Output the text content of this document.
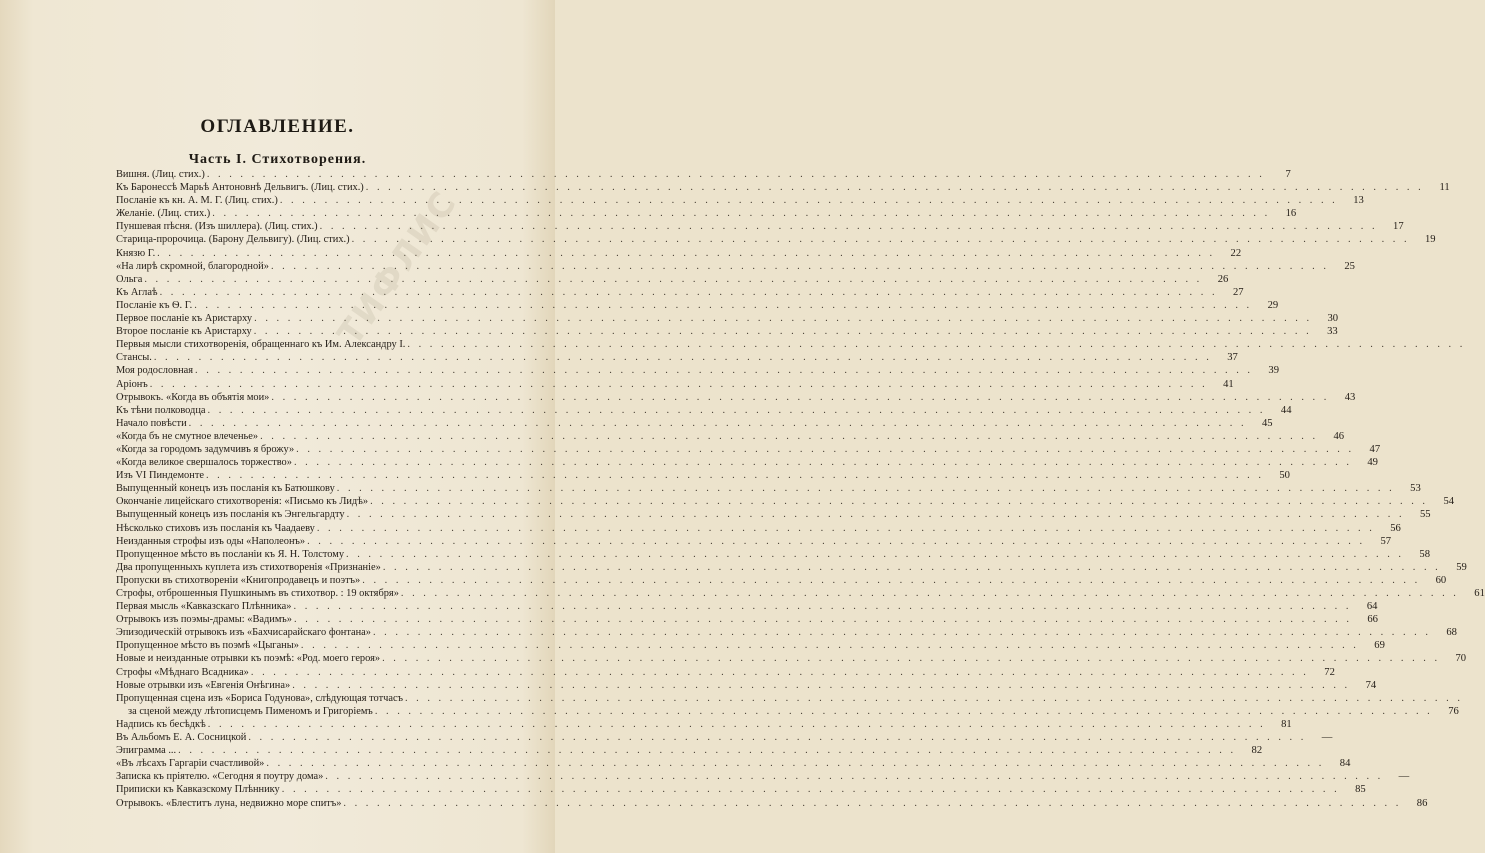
ОГЛАВЛЕНИЕ.
Часть I. Стихотворения.
Вишня. (Лиц. стих.) . . .	7
Къ Баронессѣ Марьѣ Антоновнѣ Дельвигъ. (Лиц. стих.) . . .	11
Посланіе къ кн. А. М. Г. (Лиц. стих.) . . .	13
Желаніе. (Лиц. стих.) . . .	16
Пуншевая пѣсня. (Изъ шиллера). (Лиц. стих.) . . .	17
Старица-пророчица. (Барону Дельвигу). (Лиц. стих.) . . .	19
Князю Г. . . .	22
«На лирѣ скромной, благородной» . . .	25
Ольга . . .	26
Къ Аглаѣ . . .	27
Посланіе къ Ѳ. Г. . . .	29
Первое посланіе къ Аристарху . . .	30
Второе посланіе къ Аристарху . . .	33
Первыя мысли стихотворенія, обращеннаго къ Им. Александру I.
. . .
Стансы. . . .	37
Моя родословная . . .	39
Аріонъ . . .	41
Отрывокъ. «Когда въ объятія мои» . . .	43
Къ тѣни полководца . . .	44
Начало повѣсти . . .	45
«Когда бъ не смутное влеченье» . . .	46
«Когда за городомъ задумчивъ я брожу» . . .	47
«Когда великое свершалось торжество» . . .	49
Изъ VI Пиндемонте . . .	50
Выпущенный конецъ изъ посланія къ Батюшкову . . .	53
Окончаніе лицейскаго стихотворенія: «Письмо къ Лидѣ» . . .	54
Выпущенный конецъ изъ посланія къ Энгельгардту . . .	55
Нѣсколько стиховъ изъ посланія къ Чаадаеву . . .	56
Неизданныя строфы изъ оды «Наполеонъ» . . .	57
Пропущенное мѣсто въ посланіи къ Я. Н. Толстому . . .	58
Два пропущенныхъ куплета изъ стихотворенія «Признаніе» . . .	59
Пропуски въ стихотвореніи «Книгопродавецъ и поэтъ» . . .	60
Строфы, отброшенныя Пушкинымъ въ стихотвор. : 19 октября» . . .	61
Первая мысль «Кавказскаго Плѣнника» . . .	64
Отрывокъ изъ поэмы-драмы: «Вадимъ» . . .	66
Эпизодическій отрывокъ изъ «Бахчисарайскаго фонтана» . . .	68
Пропущенное мѣсто въ поэмѣ «Цыганы» . . .	69
Новые и неизданные отрывки къ поэмѣ: «Род. моего героя» . . .	70
Строфы «Мѣднаго Всадника» . . .	72
Новые отрывки изъ «Евгенія Онѣгина» . . .	74
Пропущенная сцена изъ «Бориса Годунова», слѣдующая тотчасъ
. . .
за сценой между лѣтописцемъ Пименомъ и Григоріемъ . . .	76
Надпись къ бесѣдкѣ . . .	81
Въ Альбомъ Е. А. Сосницкой . . .	—
Эпиграмма ... . . .	82
«Въ лѣсахъ Гаргаріи счастливой» . . .	84
Записка къ пріятелю. «Сегодня я поутру дома» . . .	—
Приписки къ Кавказскому Плѣннику . . .	85
Отрывокъ. «Блеститъ луна, недвижно море спитъ» . . .	86
ТИФЛИС
